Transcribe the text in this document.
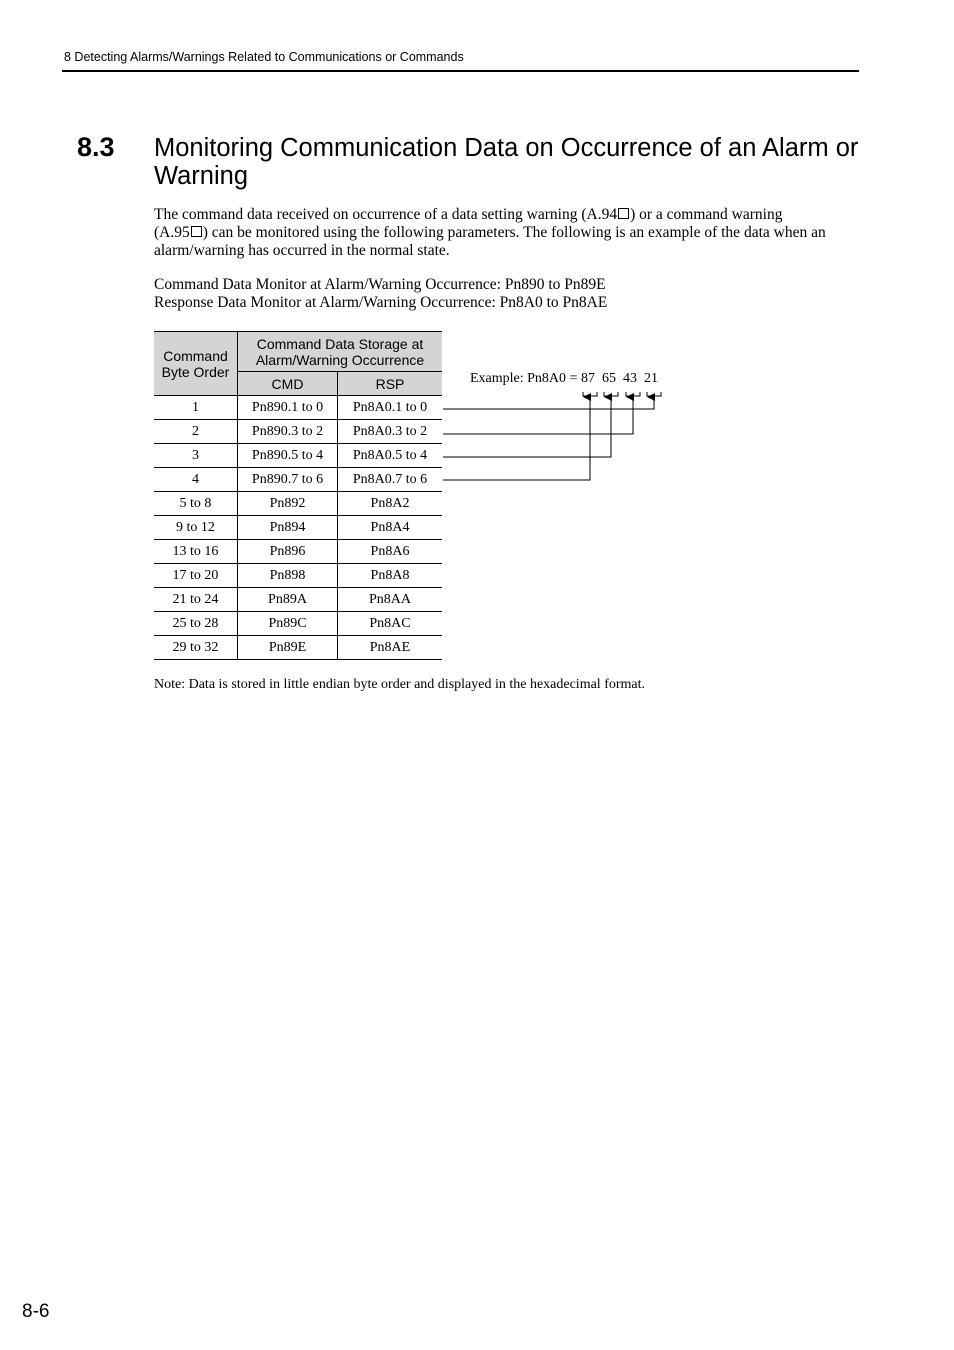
8 Detecting Alarms/Warnings Related to Communications or Commands
8.3 Monitoring Communication Data on Occurrence of an Alarm or Warning
The command data received on occurrence of a data setting warning (A.94 ) or a command warning
(A.95 ) can be monitored using the following parameters. The following is an example of the data when an alarm/warning has occurred in the normal state.
Command Data Monitor at Alarm/Warning Occurrence: Pn890 to Pn89E
Response Data Monitor at Alarm/Warning Occurrence: Pn8A0 to Pn8AE
Command
Byte Order	Command Data Storage at
Alarm/Warning Occurrence	
	CMD	RSP
1	Pn890.1 to 0	Pn8A0.1 to 0
2	Pn890.3 to 2	Pn8A0.3 to 2
3	Pn890.5 to 4	Pn8A0.5 to 4
4	Pn890.7 to 6	Pn8A0.7 to 6
5 to 8	Pn892	Pn8A2
9 to 12	Pn894	Pn8A4
13 to 16	Pn896	Pn8A6
17 to 20	Pn898	Pn8A8
21 to 24	Pn89A	Pn8AA
25 to 28	Pn89C	Pn8AC
29 to 32	Pn89E	Pn8AE
Example: Pn8A0 = 87  65  43  21
Note: Data is stored in little endian byte order and displayed in the hexadecimal format.
8-6
